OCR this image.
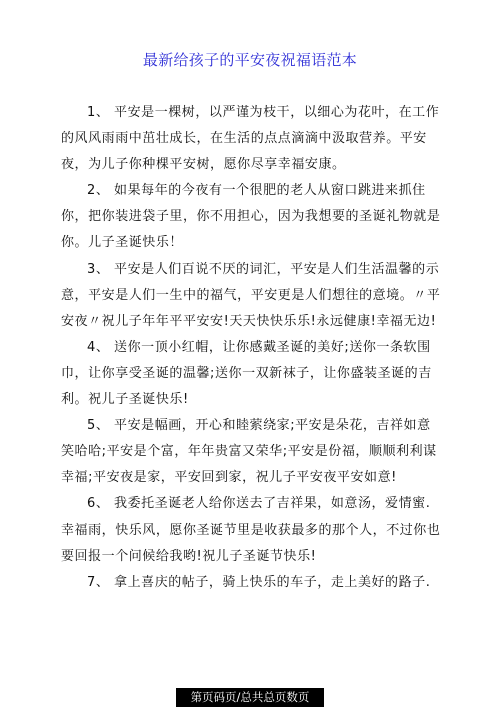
最新给孩子的平安夜祝福语范本

1、 平安是一棵树，以严谨为枝干，以细心为花叶，在工作的风风雨雨中茁壮成长，在生活的点点滴滴中汲取营养。平安夜，为儿子你种棵平安树，愿你尽享幸福安康。

2、 如果每年的今夜有一个很肥的老人从窗口跳进来抓住你，把你装进袋子里，你不用担心，因为我想要的圣诞礼物就是你。儿子圣诞快乐！

3、 平安是人们百说不厌的词汇，平安是人们生活温馨的示意，平安是人们一生中的福气，平安更是人们想往的意境。〃平安夜〃祝儿子年年平平安安!天天快快乐乐!永远健康!幸福无边!

4、 送你一顶小红帽，让你感戴圣诞的美好;送你一条软围巾，让你享受圣诞的温馨;送你一双新袜子，让你盛装圣诞的吉利。祝儿子圣诞快乐!

5、 平安是幅画，开心和睦萦绕家;平安是朵花，吉祥如意笑哈哈;平安是个富，年年贵富又荣华;平安是份福，顺顺利利谋幸福;平安夜是家，平安回到家，祝儿子平安夜平安如意!

6、 我委托圣诞老人给你送去了吉祥果，如意汤，爱情蜜.幸福雨，快乐风，愿你圣诞节里是收获最多的那个人，不过你也要回报一个问候给我哟!祝儿子圣诞节快乐!

7、 拿上喜庆的帖子，骑上快乐的车子，走上美好的路子.

第页码页/总共总页数页
